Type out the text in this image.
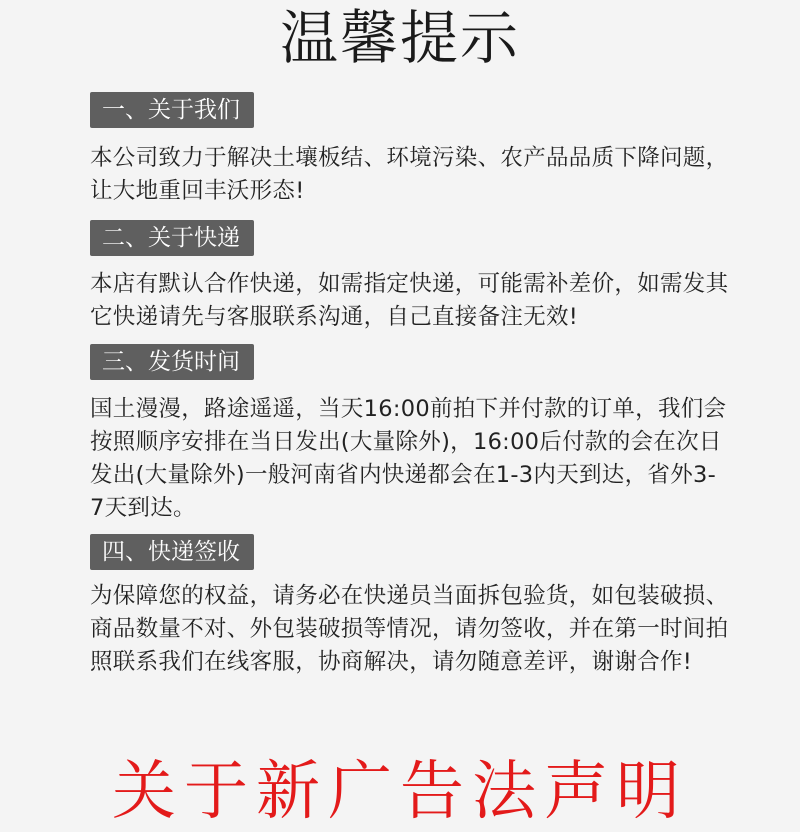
温馨提示
一、关于我们
本公司致力于解决土壤板结、环境污染、农产品品质下降问题，让大地重回丰沃形态!
二、关于快递
本店有默认合作快递，如需指定快递，可能需补差价，如需发其它快递请先与客服联系沟通，自己直接备注无效!
三、发货时间
国土漫漫，路途遥遥，当天16:00前拍下并付款的订单，我们会按照顺序安排在当日发出(大量除外)，16:00后付款的会在次日发出(大量除外)一般河南省内快递都会在1-3内天到达，省外3-7天到达。
四、快递签收
为保障您的权益，请务必在快递员当面拆包验货，如包装破损、商品数量不对、外包装破损等情况，请勿签收，并在第一时间拍照联系我们在线客服，协商解决，请勿随意差评，谢谢合作!
关于新广告法声明
